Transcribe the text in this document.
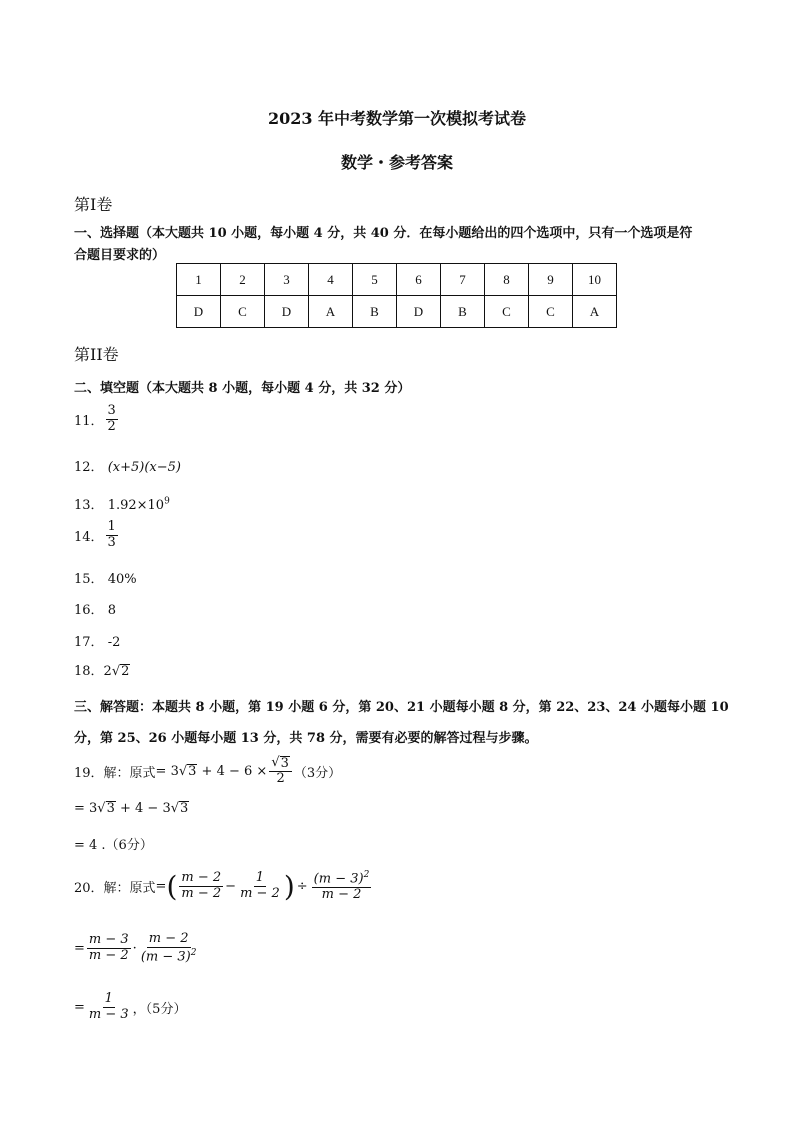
2023 年中考数学第一次模拟考试卷
数学・参考答案
第Ⅰ卷
一、选择题（本大题共 10 小题，每小题 4 分，共 40 分．在每小题给出的四个选项中，只有一个选项是符
合题目要求的）
1	2	3	4	5	6	7	8	9	10
D	C	D	A	B	D	B	C	C	A
第II卷
二、填空题（本大题共 8 小题，每小题 4 分，共 32 分）
11． $\frac{3}{2}$
12． (x+5)(x−5)
13． $1.92\times 10^9$
14． $\frac{1}{3}$
15． 40%
16． 8
17． -2
18． 2 √ 2
三、解答题：本题共 8 小题，第 19 小题 6 分，第 20、21 小题每小题 8 分，第 22、23、24 小题每小题 10
分，第 25、26 小题每小题 13 分，共 78 分，需要有必要的解答过程与步骤。
19．解：原式 = 3 √ $3 + 4 - 6 \times \frac{√ 3}{2} (3$分）
= 3 √ 3 + 4 − 3 √ 3
= 4 .（6分）
20．解：原式 = ( $\frac{m - 2}{m - 2} - \frac{1}{m - 2}$ ) ÷ $\frac{(m - 3)^2}{m - 2}$
= $\frac{m - 3}{m - 2} \cdot \frac{m - 2}{(m - 3)^2}$
= $\frac{1}{m - 3}$ ，（5分）
